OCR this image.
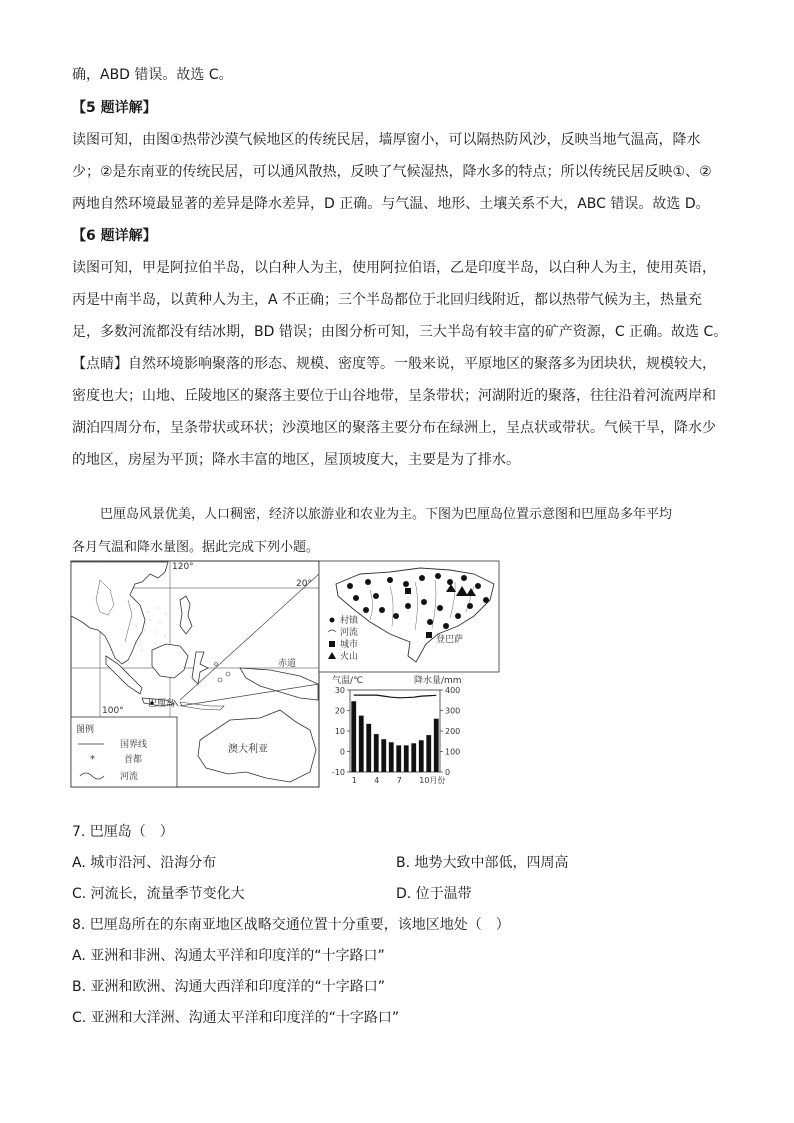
确，ABD 错误。故选 C。
【5 题详解】
读图可知，由图①热带沙漠气候地区的传统民居，墙厚窗小，可以隔热防风沙，反映当地气温高，降水
少；②是东南亚的传统民居，可以通风散热，反映了气候湿热，降水多的特点；所以传统民居反映①、②
两地自然环境最显著的差异是降水差异，D 正确。与气温、地形、土壤关系不大，ABC 错误。故选 D。
【6 题详解】
读图可知，甲是阿拉伯半岛，以白种人为主，使用阿拉伯语，乙是印度半岛，以白种人为主，使用英语，
丙是中南半岛，以黄种人为主，A 不正确；三个半岛都位于北回归线附近，都以热带气候为主，热量充
足，多数河流都没有结冰期，BD 错误；由图分析可知，三大半岛有较丰富的矿产资源，C 正确。故选 C。
【点睛】自然环境影响聚落的形态、规模、密度等。一般来说，平原地区的聚落多为团块状，规模较大，
密度也大；山地、丘陵地区的聚落主要位于山谷地带，呈条带状；河湖附近的聚落，往往沿着河流两岸和
湖泊四周分布，呈条带状或环状；沙漠地区的聚落主要分布在绿洲上，呈点状或带状。气候干旱，降水少
的地区，房屋为平顶；降水丰富的地区，屋顶坡度大，主要是为了排水。
巴厘岛风景优美，人口稠密，经济以旅游业和农业为主。下图为巴厘岛位置示意图和巴厘岛多年平均
各月气温和降水量图。据此完成下列小题。
120°
20°
赤道
100°
巴厘岛
澳大利亚
图例
国界线
*	首都
河流
村镇
河流
城市
火山
登巴萨
气温/℃	降水量/mm
30
20
10
0
-10
400
300
200
100
0
1 4 7 10月份
7. 巴厘岛（　）
A. 城市沿河、沿海分布	B. 地势大致中部低，四周高
C. 河流长，流量季节变化大	D. 位于温带
8. 巴厘岛所在的东南亚地区战略交通位置十分重要，该地区地处（　）
A. 亚洲和非洲、沟通太平洋和印度洋的“十字路口”
B. 亚洲和欧洲、沟通大西洋和印度洋的“十字路口”
C. 亚洲和大洋洲、沟通太平洋和印度洋的“十字路口”
